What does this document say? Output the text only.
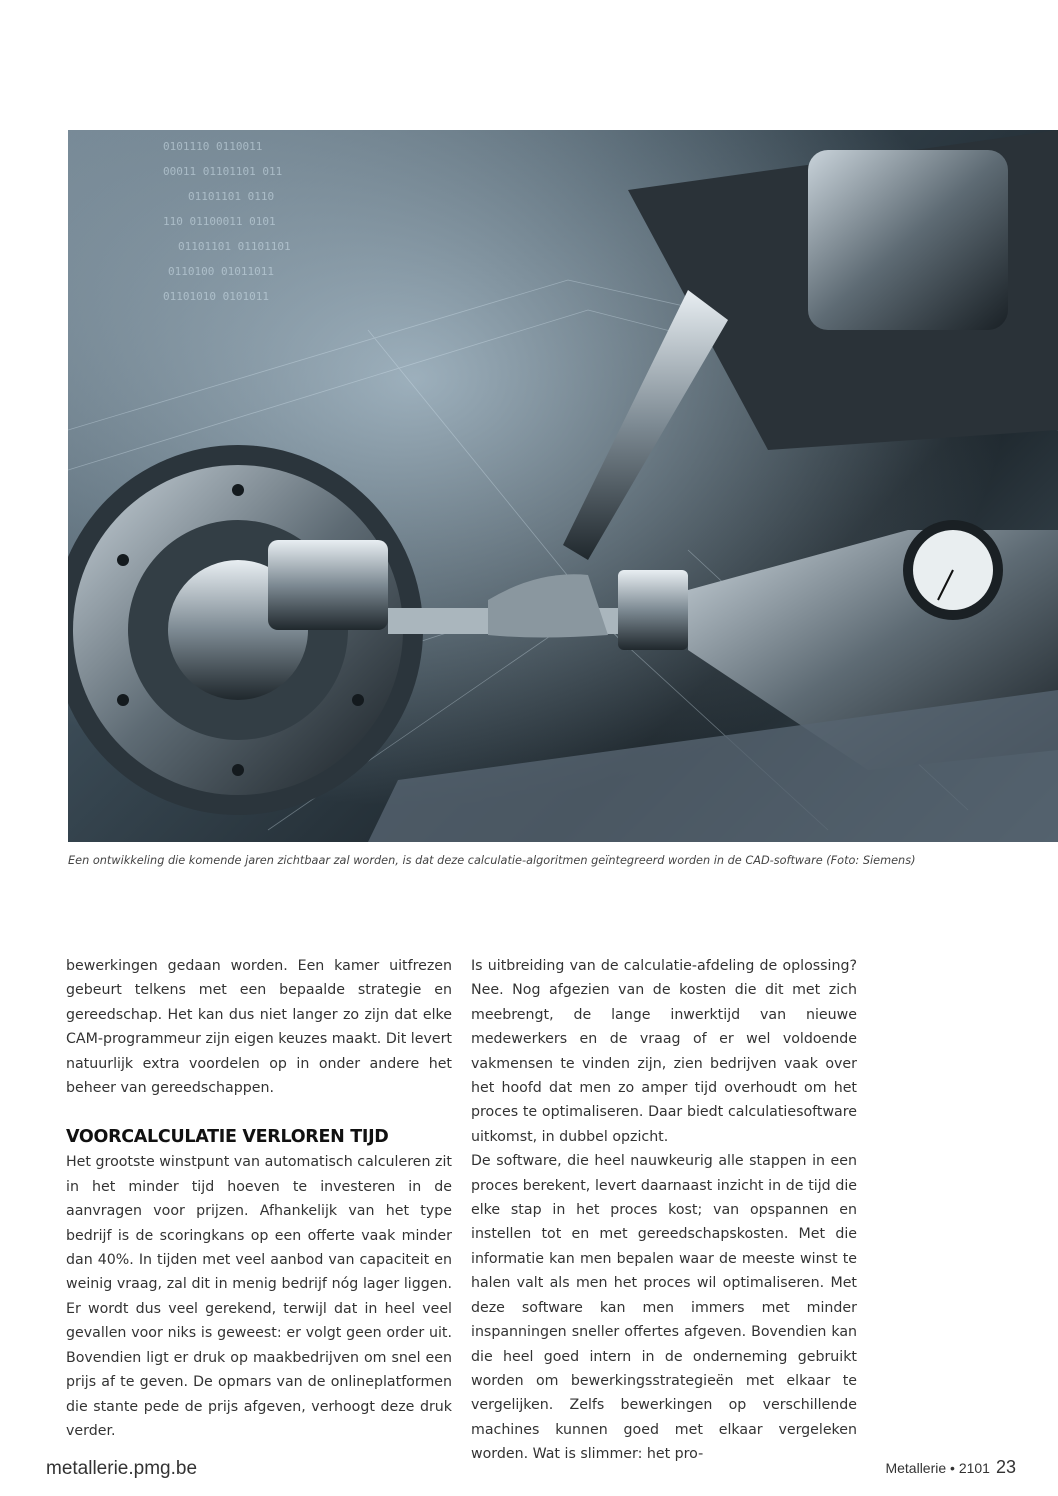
0101110 0110011
00011 01101101 011
01101101 0110
110 01100011 0101
01101101 01101101
0110100 01011011
01101010 0101011
Een ontwikkeling die komende jaren zichtbaar zal worden, is dat deze calculatie-algoritmen geïntegreerd worden in de CAD-software (Foto: Siemens)

bewerkingen gedaan worden. Een kamer uitfrezen gebeurt telkens met een bepaalde strategie en gereedschap. Het kan dus niet langer zo zijn dat elke CAM-programmeur zijn eigen keuzes maakt. Dit levert natuurlijk extra voordelen op in onder andere het beheer van gereedschappen.

VOORCALCULATIE VERLOREN TIJD

Het grootste winstpunt van automatisch calculeren zit in het minder tijd hoeven te investeren in de aanvragen voor prijzen. Afhankelijk van het type bedrijf is de scoringkans op een offerte vaak minder dan 40%. In tijden met veel aanbod van capaciteit en weinig vraag, zal dit in menig bedrijf nóg lager liggen. Er wordt dus veel gerekend, terwijl dat in heel veel gevallen voor niks is geweest: er volgt geen order uit. Bovendien ligt er druk op maakbedrijven om snel een prijs af te geven. De opmars van de onlineplatformen die stante pede de prijs afgeven, verhoogt deze druk verder.

Is uitbreiding van de calculatie-afdeling de oplossing? Nee. Nog afgezien van de kosten die dit met zich meebrengt, de lange inwerktijd van nieuwe medewerkers en de vraag of er wel voldoende vakmensen te vinden zijn, zien bedrijven vaak over het hoofd dat men zo amper tijd overhoudt om het proces te optimaliseren. Daar biedt calculatiesoftware uitkomst, in dubbel opzicht.

De software, die heel nauwkeurig alle stappen in een proces berekent, levert daarnaast inzicht in de tijd die elke stap in het proces kost; van opspannen en instellen tot en met gereedschapskosten. Met die informatie kan men bepalen waar de meeste winst te halen valt als men het proces wil optimaliseren. Met deze software kan men immers met minder inspanningen sneller offertes afgeven. Bovendien kan die heel goed intern in de onderneming gebruikt worden om bewerkingsstrategieën met elkaar te vergelijken. Zelfs bewerkingen op verschillende machines kunnen goed met elkaar vergeleken worden. Wat is slimmer: het pro-

metallerie.pmg.be	Metallerie • 2101 23
